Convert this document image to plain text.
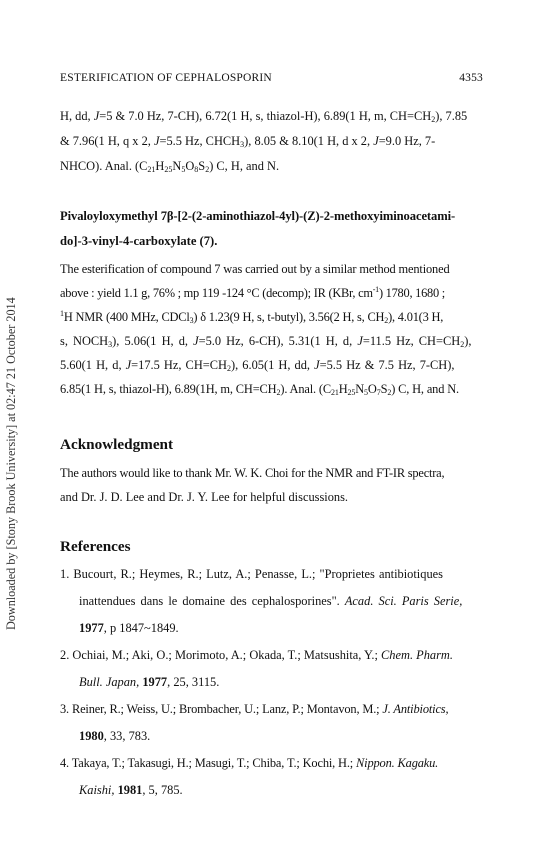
Downloaded by [Stony Brook University] at 02:47 21 October 2014
ESTERIFICATION OF CEPHALOSPORIN	4353
H, dd, J=5 & 7.0 Hz, 7-CH), 6.72(1 H, s, thiazol-H), 6.89(1 H, m, $CH=CH_2$), 7.85
& 7.96(1 H, q x 2, J=5.5 Hz, $CHCH_3$), 8.05 & 8.10(1 H, d x 2, J=9.0 Hz, 7-
NHCO). Anal. $(C_{21}H_{25}N_5O_8S_2)$ C, H, and N.
Pivaloyloxymethyl 7β-[2-(2-aminothiazol-4yl)-(Z)-2-methoxyiminoacetami-
do]-3-vinyl-4-carboxylate (7).
The esterification of compound 7 was carried out by a similar method mentioned
above : yield 1.1 g, 76% ; mp 119 -124 °C (decomp); IR (KBr, $cm^{-1}$) 1780, 1680 ;
$^1$H NMR (400 MHz, CDCl$_3$) δ 1.23(9 H, s, t-butyl), 3.56(2 H, s, $CH_2$), 4.01(3 H,
s, $NOCH_3$), 5.06(1 H, d, J=5.0 Hz, 6-CH), 5.31(1 H, d, J=11.5 Hz, $CH=CH_2$),
5.60(1 H, d, J=17.5 Hz, $CH=CH_2$), 6.05(1 H, dd, J=5.5 Hz & 7.5 Hz, 7-CH),
6.85(1 H, s, thiazol-H), 6.89(1H, m, $CH=CH_2$). Anal. $(C_{21}H_{25}N_5O_7S_2)$ C, H, and N.
Acknowledgment
The authors would like to thank Mr. W. K. Choi for the NMR and FT-IR spectra,
and Dr. J. D. Lee and Dr. J. Y. Lee for helpful discussions.
References
1. Bucourt, R.; Heymes, R.; Lutz, A.; Penasse, L.; "Proprietes antibiotiques
inattendues dans le domaine des cephalosporines". Acad. Sci. Paris Serie,
1977, p 1847~1849.
2. Ochiai, M.; Aki, O.; Morimoto, A.; Okada, T.; Matsushita, Y.; Chem. Pharm.
Bull. Japan, 1977, 25, 3115.
3. Reiner, R.; Weiss, U.; Brombacher, U.; Lanz, P.; Montavon, M.; J. Antibiotics,
1980, 33, 783.
4. Takaya, T.; Takasugi, H.; Masugi, T.; Chiba, T.; Kochi, H.; Nippon. Kagaku.
Kaishi, 1981, 5, 785.
